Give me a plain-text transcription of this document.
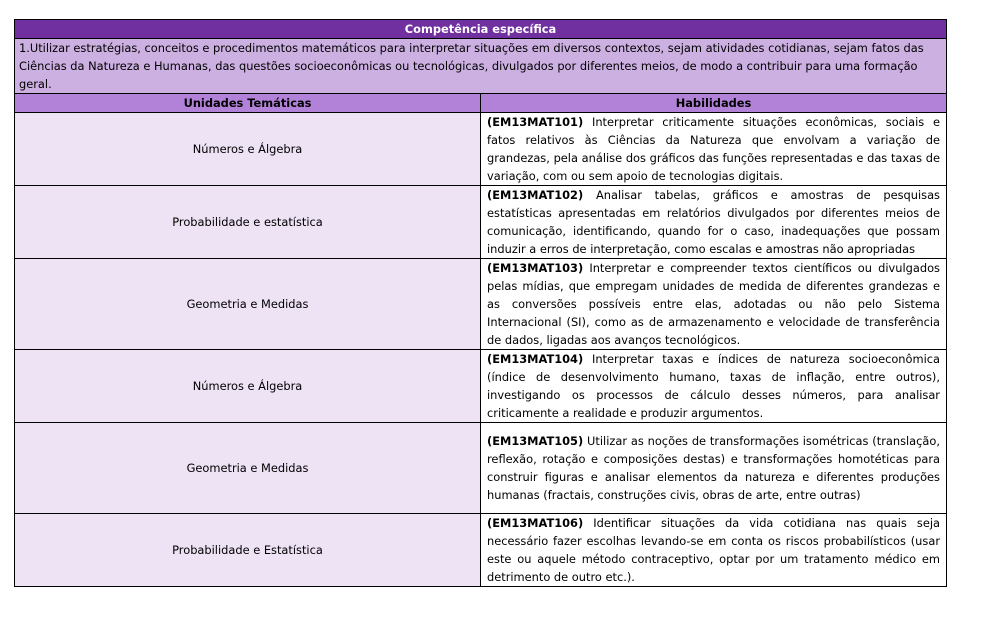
Competência específica	
1.Utilizar estratégias, conceitos e procedimentos matemáticos para interpretar situações em diversos contextos, sejam atividades cotidianas, sejam fatos das Ciências da Natureza e Humanas, das questões socioeconômicas ou tecnológicas, divulgados por diferentes meios, de modo a contribuir para uma formação geral.	
Unidades Temáticas	Habilidades
Números e Álgebra	(EM13MAT101) Interpretar criticamente situações econômicas, sociais e fatos relativos às Ciências da Natureza que envolvam a variação de grandezas, pela análise dos gráficos das funções representadas e das taxas de variação, com ou sem apoio de tecnologias digitais.
Probabilidade e estatística	(EM13MAT102) Analisar tabelas, gráficos e amostras de pesquisas estatísticas apresentadas em relatórios divulgados por diferentes meios de comunicação, identificando, quando for o caso, inadequações que possam induzir a erros de interpretação, como escalas e amostras não apropriadas
Geometria e Medidas	(EM13MAT103) Interpretar e compreender textos científicos ou divulgados pelas mídias, que empregam unidades de medida de diferentes grandezas e as conversões possíveis entre elas, adotadas ou não pelo Sistema Internacional (SI), como as de armazenamento e velocidade de transferência de dados, ligadas aos avanços tecnológicos.
Números e Álgebra	(EM13MAT104) Interpretar taxas e índices de natureza socioeconômica (índice de desenvolvimento humano, taxas de inflação, entre outros), investigando os processos de cálculo desses números, para analisar criticamente a realidade e produzir argumentos.
Geometria e Medidas	(EM13MAT105) Utilizar as noções de transformações isométricas (translação, reflexão, rotação e composições destas) e transformações homotéticas para construir figuras e analisar elementos da natureza e diferentes produções humanas (fractais, construções civis, obras de arte, entre outras)
Probabilidade e Estatística	(EM13MAT106) Identificar situações da vida cotidiana nas quais seja necessário fazer escolhas levando-se em conta os riscos probabilísticos (usar este ou aquele método contraceptivo, optar por um tratamento médico em detrimento de outro etc.).
